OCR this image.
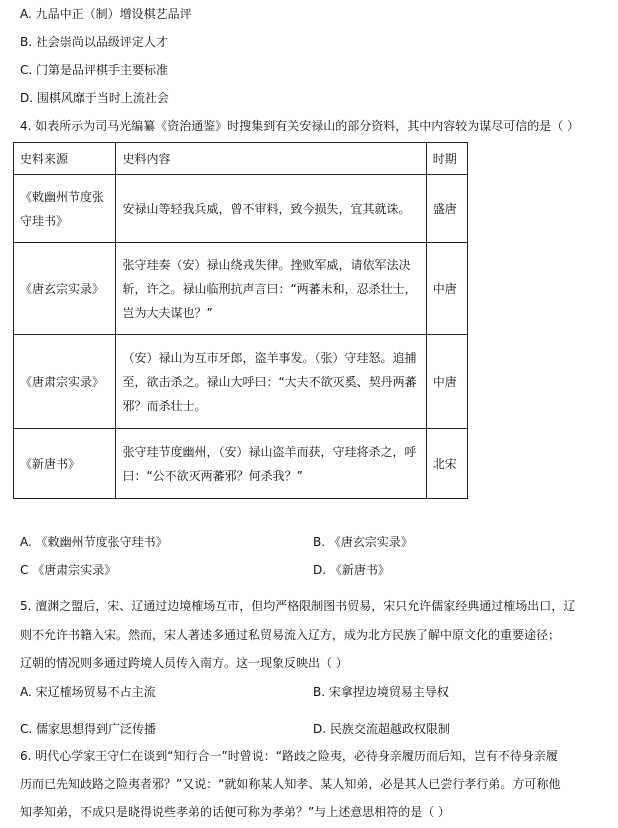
A. 九品中正（制）增设棋艺品评
B. 社会崇尚以品级评定人才
C. 门第是品评棋手主要标准
D. 围棋风靡于当时上流社会
4. 如表所示为司马光编纂《资治通鉴》时搜集到有关安禄山的部分资料，其中内容较为谋尽可信的是（ ）
史料来源	史料内容	时期
《敕幽州节度张守珪书》	安禄山等轻我兵威，曾不审料，致今损失，宜其就诛。	盛唐
《唐玄宗实录》	张守珪奏（安）禄山绕戎失律。挫败军威，请依军法决斩，许之。禄山临刑抗声言曰：“两蕃未和，忍杀壮士，岂为大夫谋也？”	中唐
《唐肃宗实录》	（安）禄山为互市牙郎，盗羊事发。（张）守珪怒。追捕至，欲击杀之。禄山大呼曰：“大夫不欲灭奚、契丹两蕃邪？而杀壮士。	中唐
《新唐书》	张守珪节度幽州，（安）禄山盗羊而获，守珪将杀之，呼曰：“公不欲灭两蕃邪？何杀我？”	北宋
A. 《敕幽州节度张守珪书》	B. 《唐玄宗实录》
C 《唐肃宗实录》	D. 《新唐书》
5. 澶渊之盟后，宋、辽通过边境榷场互市，但均严格限制图书贸易，宋只允许儒家经典通过榷场出口，辽
则不允许书籍入宋。然而，宋人著述多通过私贸易流入辽方，成为北方民族了解中原文化的重要途径；
辽朝的情况则多通过跨境人员传入南方。这一现象反映出（ ）
A. 宋辽榷场贸易不占主流	B. 宋拿捏边境贸易主导权
C. 儒家思想得到广泛传播	D. 民族交流超越政权限制
6. 明代心学家王守仁在谈到“知行合一”时曾说：“路歧之险夷，必待身亲履历而后知，岂有不待身亲履
历而已先知歧路之险夷者邪？”又说：“就如称某人知孝、某人知弟，必是其人已尝行孝行弟。方可称他
知孝知弟，不成只是晓得说些孝弟的话便可称为孝弟？”与上述意思相符的是（ ）
